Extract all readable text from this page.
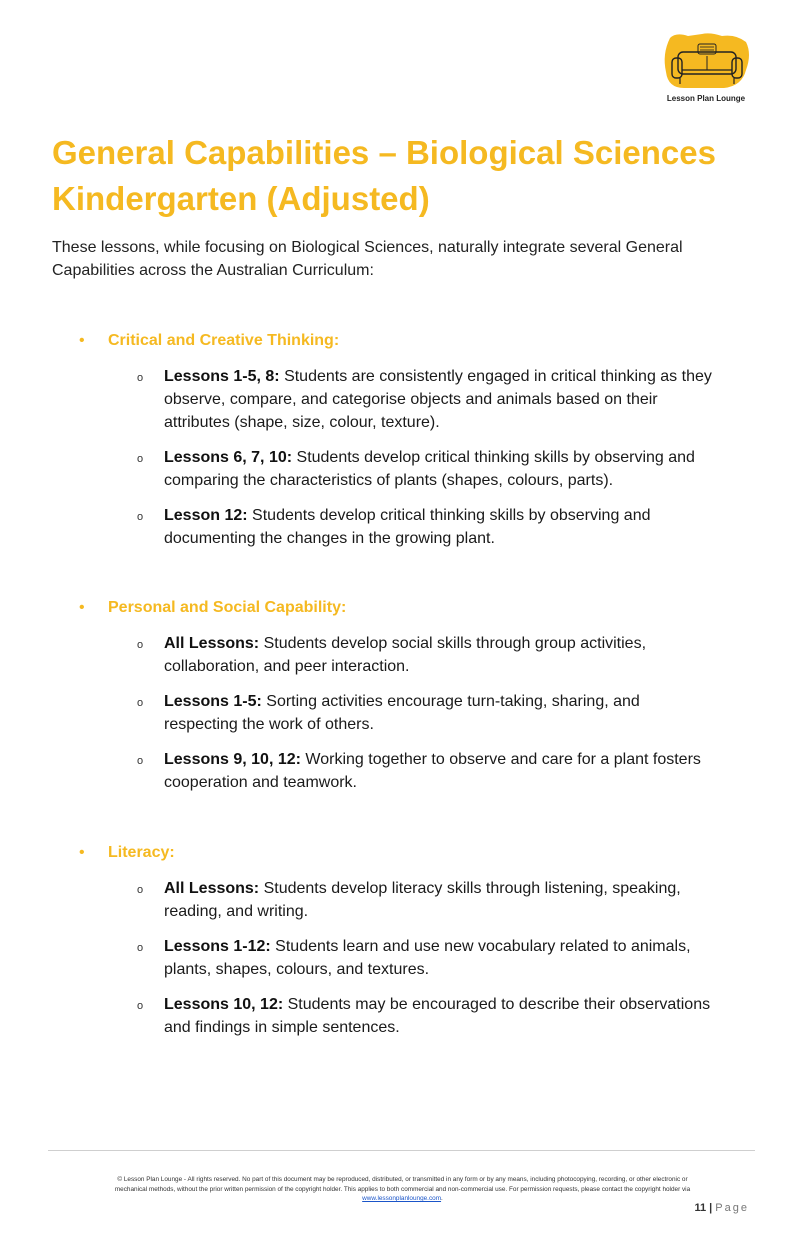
Lesson Plan Lounge
General Capabilities – Biological Sciences
Kindergarten (Adjusted)

These lessons, while focusing on Biological Sciences, naturally integrate several General
Capabilities across the Australian Curriculum:

• Critical and Creative Thinking:

o Lessons 1-5, 8: Students are consistently engaged in critical thinking as they
observe, compare, and categorise objects and animals based on their
attributes (shape, size, colour, texture).

o Lessons 6, 7, 10: Students develop critical thinking skills by observing and
comparing the characteristics of plants (shapes, colours, parts).

o Lesson 12: Students develop critical thinking skills by observing and
documenting the changes in the growing plant.

• Personal and Social Capability:

o All Lessons: Students develop social skills through group activities,
collaboration, and peer interaction.

o Lessons 1-5: Sorting activities encourage turn-taking, sharing, and
respecting the work of others.

o Lessons 9, 10, 12: Working together to observe and care for a plant fosters
cooperation and teamwork.

• Literacy:

o All Lessons: Students develop literacy skills through listening, speaking,
reading, and writing.

o Lessons 1-12: Students learn and use new vocabulary related to animals,
plants, shapes, colours, and textures.

o Lessons 10, 12: Students may be encouraged to describe their observations
and findings in simple sentences.

© Lesson Plan Lounge - All rights reserved. No part of this document may be reproduced, distributed, or transmitted in any form or by any means, including photocopying, recording, or other electronic or
mechanical methods, without the prior written permission of the copyright holder. This applies to both commercial and non-commercial use. For permission requests, please contact the copyright holder via
www.lessonplanlounge.com.

11 | Page
